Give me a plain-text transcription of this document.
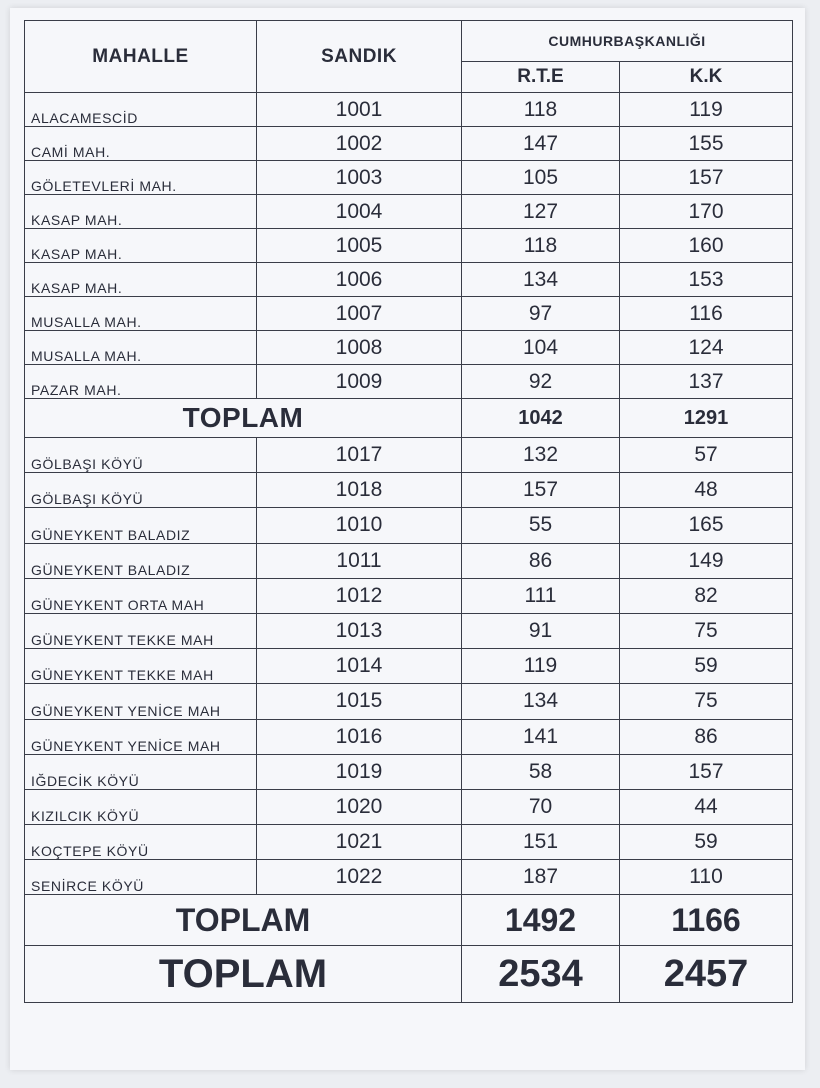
MAHALLE	SANDIK	CUMHURBAŞKANLIĞI	
		R.T.E	K.K
ALACAMESCİD	1001	118	119
CAMİ MAH.	1002	147	155
GÖLETEVLERİ MAH.	1003	105	157
KASAP MAH.	1004	127	170
KASAP MAH.	1005	118	160
KASAP MAH.	1006	134	153
MUSALLA MAH.	1007	97	116
MUSALLA MAH.	1008	104	124
PAZAR MAH.	1009	92	137
TOPLAM		1042	1291
GÖLBAŞI KÖYÜ	1017	132	57
GÖLBAŞI KÖYÜ	1018	157	48
GÜNEYKENT BALADIZ	1010	55	165
GÜNEYKENT BALADIZ	1011	86	149
GÜNEYKENT ORTA MAH	1012	111	82
GÜNEYKENT TEKKE MAH	1013	91	75
GÜNEYKENT TEKKE MAH	1014	119	59
GÜNEYKENT YENİCE MAH	1015	134	75
GÜNEYKENT YENİCE MAH	1016	141	86
IĞDECİK KÖYÜ	1019	58	157
KIZILCIK KÖYÜ	1020	70	44
KOÇTEPE KÖYÜ	1021	151	59
SENİRCE KÖYÜ	1022	187	110
TOPLAM		1492	1166
TOPLAM		2534	2457
